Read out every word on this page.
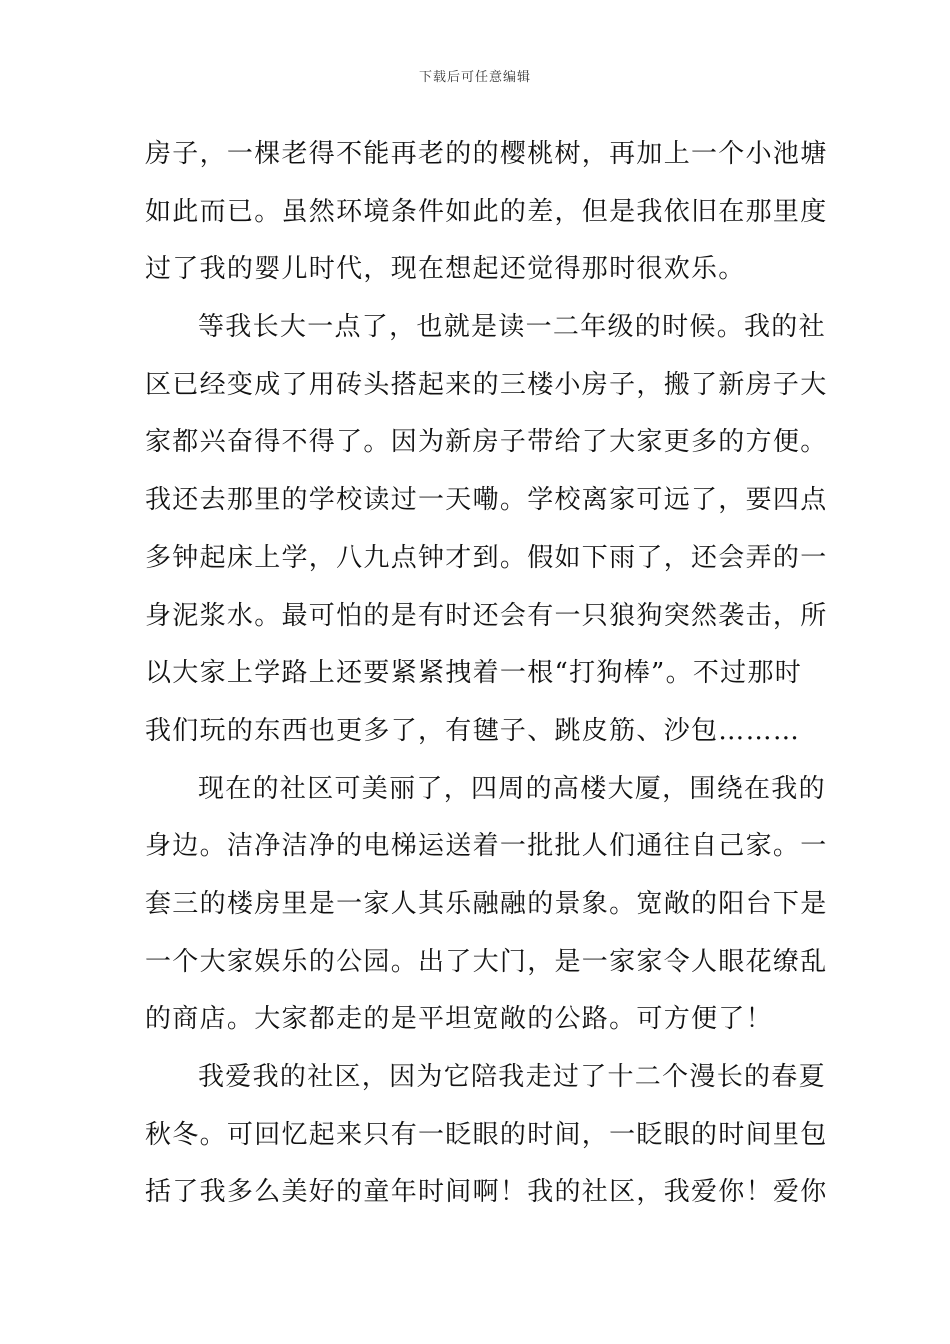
下载后可任意编辑
房子，一棵老得不能再老的的樱桃树，再加上一个小池塘
如此而已。虽然环境条件如此的差，但是我依旧在那里度
过了我的婴儿时代，现在想起还觉得那时很欢乐。
等我长大一点了，也就是读一二年级的时候。我的社
区已经变成了用砖头搭起来的三楼小房子，搬了新房子大
家都兴奋得不得了。因为新房子带给了大家更多的方便。
我还去那里的学校读过一天嘞。学校离家可远了，要四点
多钟起床上学，八九点钟才到。假如下雨了，还会弄的一
身泥浆水。最可怕的是有时还会有一只狼狗突然袭击，所
以大家上学路上还要紧紧拽着一根“打狗棒”。不过那时
我们玩的东西也更多了，有毽子、跳皮筋、沙包………
现在的社区可美丽了，四周的高楼大厦，围绕在我的
身边。洁净洁净的电梯运送着一批批人们通往自己家。一
套三的楼房里是一家人其乐融融的景象。宽敞的阳台下是
一个大家娱乐的公园。出了大门，是一家家令人眼花缭乱
的商店。大家都走的是平坦宽敞的公路。可方便了！
我爱我的社区，因为它陪我走过了十二个漫长的春夏
秋冬。可回忆起来只有一眨眼的时间，一眨眼的时间里包
括了我多么美好的童年时间啊！我的社区，我爱你！爱你
